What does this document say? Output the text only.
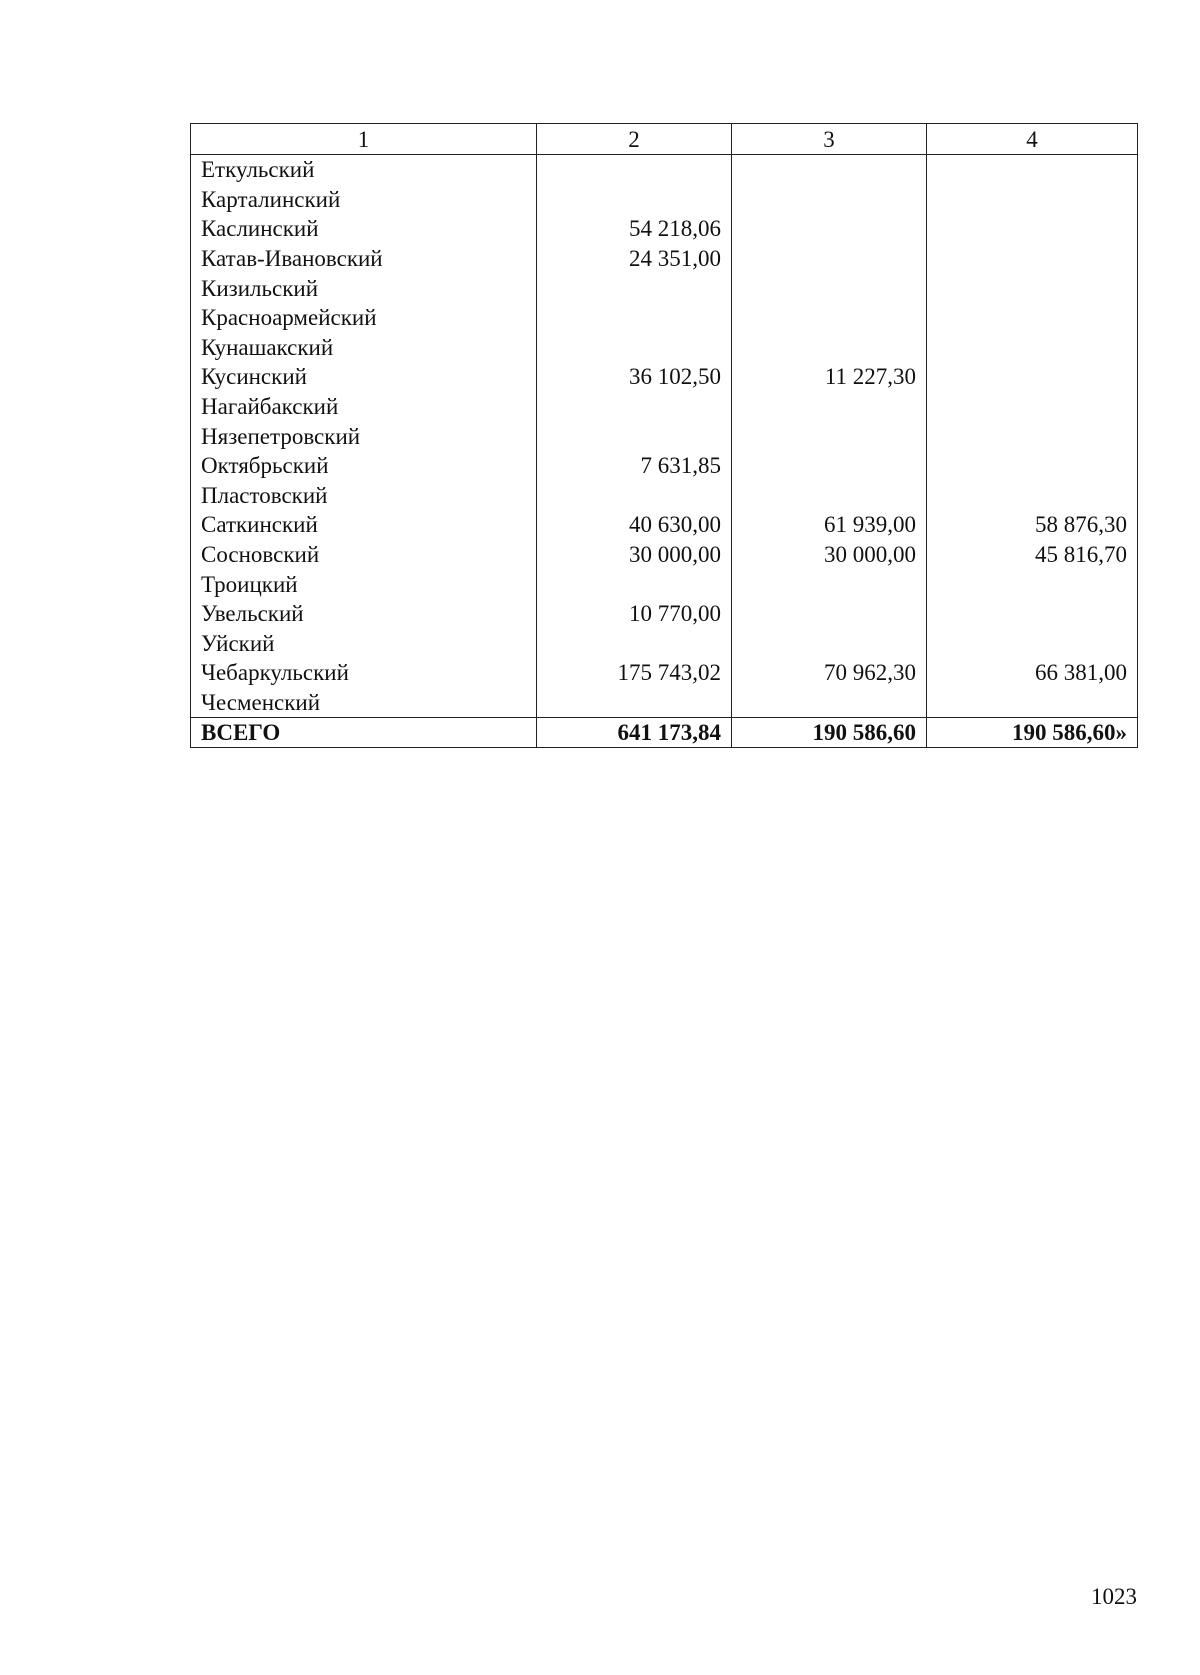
1	2	3	4
Еткульский			
Карталинский			
Каслинский	54 218,06		
Катав-Ивановский	24 351,00		
Кизильский			
Красноармейский			
Кунашакский			
Кусинский	36 102,50	11 227,30	
Нагайбакский			
Нязепетровский			
Октябрьский	7 631,85		
Пластовский			
Саткинский	40 630,00	61 939,00	58 876,30
Сосновский	30 000,00	30 000,00	45 816,70
Троицкий			
Увельский	10 770,00		
Уйский			
Чебаркульский	175 743,02	70 962,30	66 381,00
Чесменский			
ВСЕГО	641 173,84	190 586,60	190 586,60»
1023
